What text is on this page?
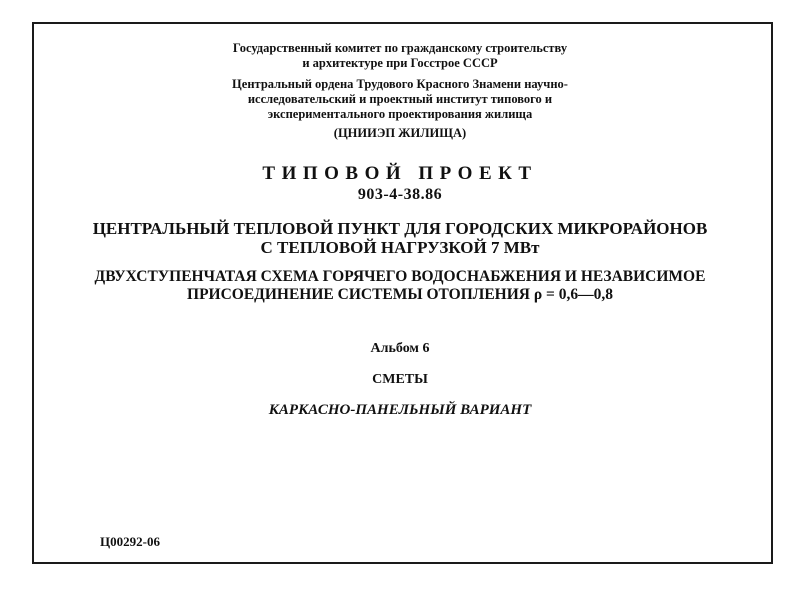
Государственный комитет по гражданскому строительству
и архитектуре при Госстрое СССР
Центральный ордена Трудового Красного Знамени научно-
исследовательский и проектный институт типового и
экспериментального проектирования жилища
(ЦНИИЭП ЖИЛИЩА)
ТИПОВОЙ ПРОЕКТ
903-4-38.86
ЦЕНТРАЛЬНЫЙ ТЕПЛОВОЙ ПУНКТ ДЛЯ ГОРОДСКИХ МИКРОРАЙОНОВ
С ТЕПЛОВОЙ НАГРУЗКОЙ 7 МВт
ДВУХСТУПЕНЧАТАЯ СХЕМА ГОРЯЧЕГО ВОДОСНАБЖЕНИЯ И НЕЗАВИСИМОЕ
ПРИСОЕДИНЕНИЕ СИСТЕМЫ ОТОПЛЕНИЯ ρ = 0,6—0,8
Альбом 6
СМЕТЫ
КАРКАСНО-ПАНЕЛЬНЫЙ ВАРИАНТ
Ц00292-06
